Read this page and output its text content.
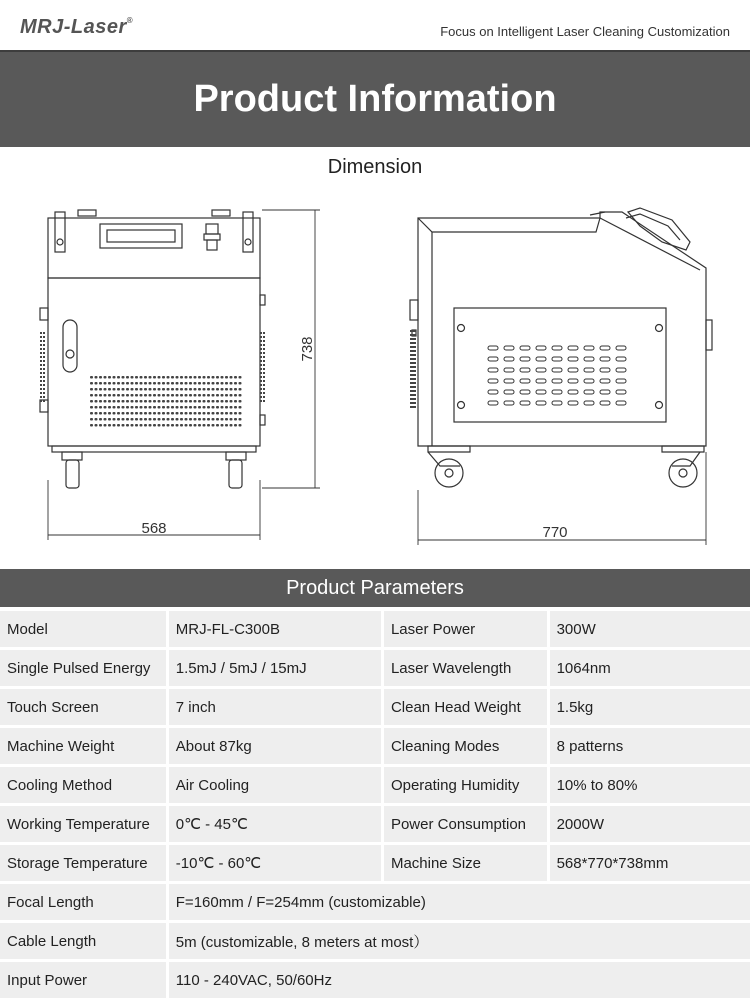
MRJ-Laser®
Focus on Intelligent Laser Cleaning Customization
Product Information
Dimension
568
738
770
Product Parameters
Model	MRJ-FL-C300B	Laser Power	300W
Single Pulsed Energy	1.5mJ / 5mJ / 15mJ	Laser Wavelength	1064nm
Touch Screen	7 inch	Clean Head Weight	1.5kg
Machine Weight	About 87kg	Cleaning Modes	8 patterns
Cooling Method	Air Cooling	Operating Humidity	10% to 80%
Working Temperature	0℃ - 45℃	Power Consumption	2000W
Storage Temperature	-10℃ - 60℃	Machine Size	568*770*738mm
Focal Length	F=160mm / F=254mm (customizable)		
Cable Length	5m (customizable, 8 meters at most）		
Input Power	110 - 240VAC, 50/60Hz		
